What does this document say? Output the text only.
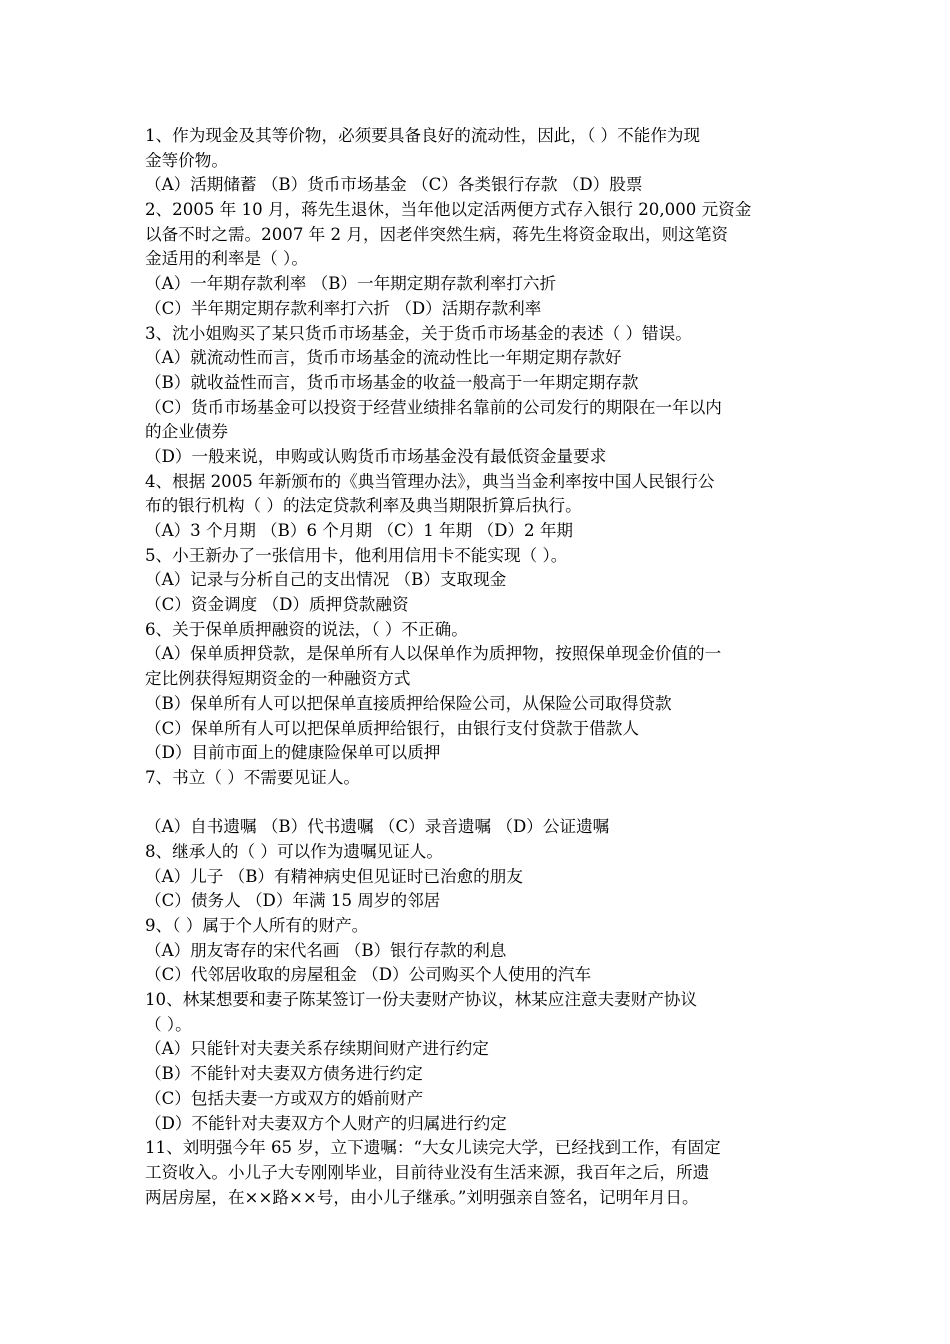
1、作为现金及其等价物，必须要具备良好的流动性，因此，（ ）不能作为现
金等价物。
（A）活期储蓄 （B）货币市场基金 （C）各类银行存款 （D）股票
2、2005 年 10 月，蒋先生退休，当年他以定活两便方式存入银行 20,000 元资金
以备不时之需。2007 年 2 月，因老伴突然生病，蒋先生将资金取出，则这笔资
金适用的利率是（ ）。
（A）一年期存款利率 （B）一年期定期存款利率打六折
（C）半年期定期存款利率打六折 （D）活期存款利率
3、沈小姐购买了某只货币市场基金，关于货币市场基金的表述（ ）错误。
（A）就流动性而言，货币市场基金的流动性比一年期定期存款好
（B）就收益性而言，货币市场基金的收益一般高于一年期定期存款
（C）货币市场基金可以投资于经营业绩排名靠前的公司发行的期限在一年以内
的企业债券
（D）一般来说，申购或认购货币市场基金没有最低资金量要求
4、根据 2005 年新颁布的《典当管理办法》，典当当金利率按中国人民银行公
布的银行机构（ ）的法定贷款利率及典当期限折算后执行。
（A）3 个月期 （B）6 个月期 （C）1 年期 （D）2 年期
5、小王新办了一张信用卡，他利用信用卡不能实现（ ）。
（A）记录与分析自己的支出情况 （B）支取现金
（C）资金调度 （D）质押贷款融资
6、关于保单质押融资的说法，（ ）不正确。
（A）保单质押贷款，是保单所有人以保单作为质押物，按照保单现金价值的一
定比例获得短期资金的一种融资方式
（B）保单所有人可以把保单直接质押给保险公司，从保险公司取得贷款
（C）保单所有人可以把保单质押给银行，由银行支付贷款于借款人
（D）目前市面上的健康险保单可以质押
7、书立（ ）不需要见证人。
（A）自书遗嘱 （B）代书遗嘱 （C）录音遗嘱 （D）公证遗嘱
8、继承人的（ ）可以作为遗嘱见证人。
（A）儿子 （B）有精神病史但见证时已治愈的朋友
（C）债务人 （D）年满 15 周岁的邻居
9、（ ）属于个人所有的财产。
（A）朋友寄存的宋代名画 （B）银行存款的利息
（C）代邻居收取的房屋租金 （D）公司购买个人使用的汽车
10、林某想要和妻子陈某签订一份夫妻财产协议，林某应注意夫妻财产协议
（ ）。
（A）只能针对夫妻关系存续期间财产进行约定
（B）不能针对夫妻双方债务进行约定
（C）包括夫妻一方或双方的婚前财产
（D）不能针对夫妻双方个人财产的归属进行约定
11、刘明强今年 65 岁，立下遗嘱：“大女儿读完大学，已经找到工作，有固定
工资收入。小儿子大专刚刚毕业，目前待业没有生活来源，我百年之后，所遗
两居房屋，在××路××号，由小儿子继承。”刘明强亲自签名，记明年月日。
